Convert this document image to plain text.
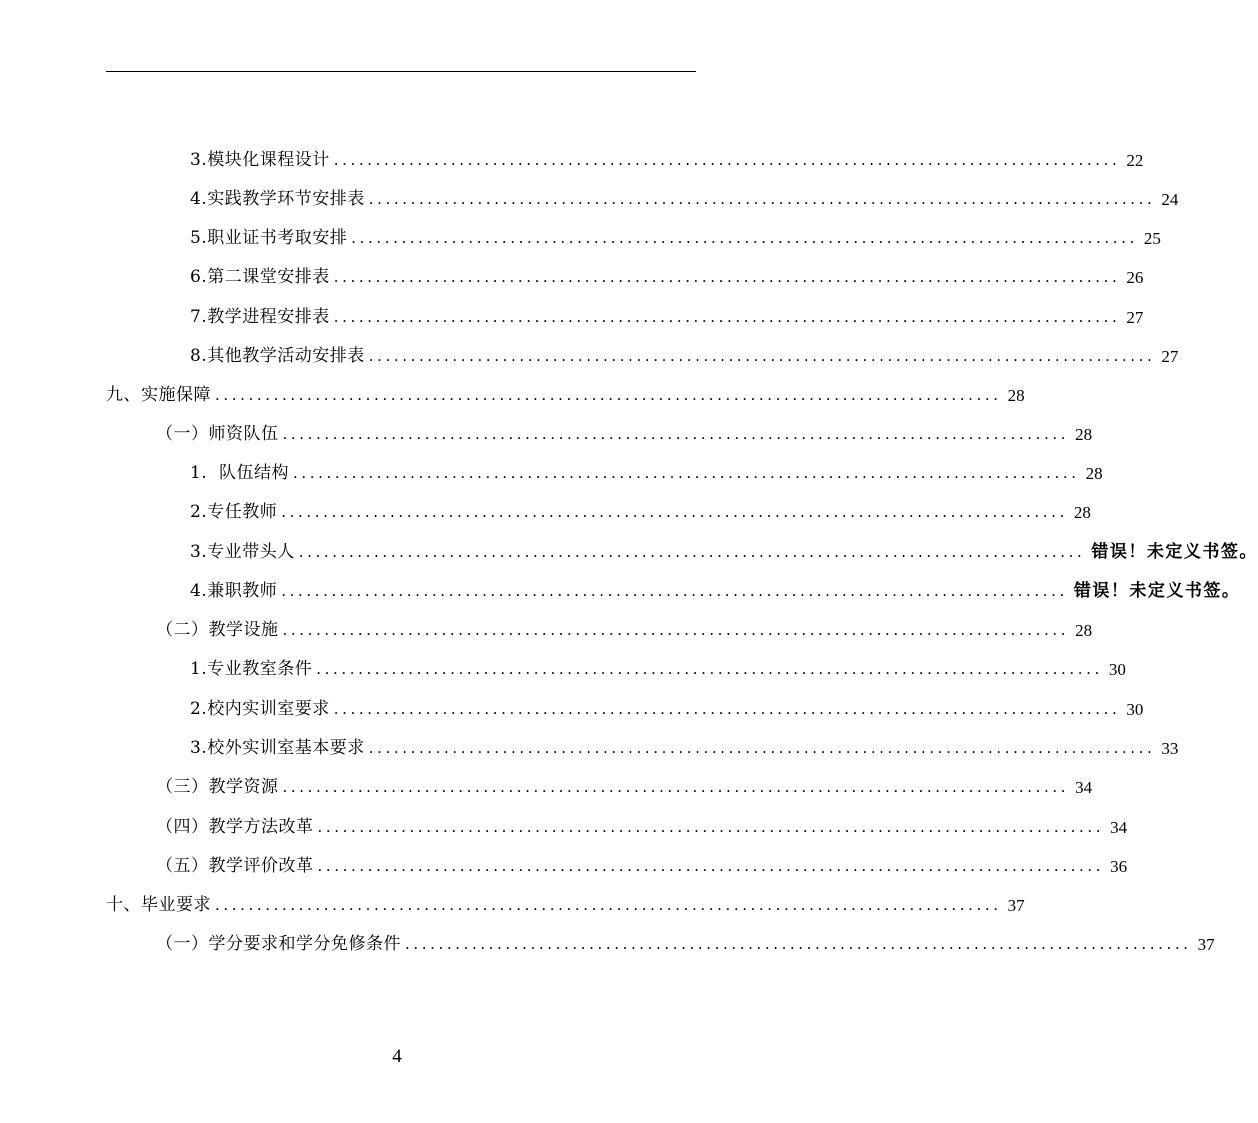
3.模块化课程设计 .............................................................................................. 22
4.实践教学环节安排表 .............................................................................................. 24
5.职业证书考取安排 .............................................................................................. 25
6.第二课堂安排表 .............................................................................................. 26
7.教学进程安排表 .............................................................................................. 27
8.其他教学活动安排表 .............................................................................................. 27
九、实施保障 .............................................................................................. 28
（一）师资队伍 .............................................................................................. 28
1.  队伍结构 .............................................................................................. 28
2.专任教师 .............................................................................................. 28
3.专业带头人 .............................................................................................. 错误！未定义书签。
4.兼职教师 .............................................................................................. 错误！未定义书签。
（二）教学设施 .............................................................................................. 28
1.专业教室条件 .............................................................................................. 30
2.校内实训室要求 .............................................................................................. 30
3.校外实训室基本要求 .............................................................................................. 33
（三）教学资源 .............................................................................................. 34
（四）教学方法改革 .............................................................................................. 34
（五）教学评价改革 .............................................................................................. 36
十、毕业要求 .............................................................................................. 37
（一）学分要求和学分免修条件 .............................................................................................. 37
4
